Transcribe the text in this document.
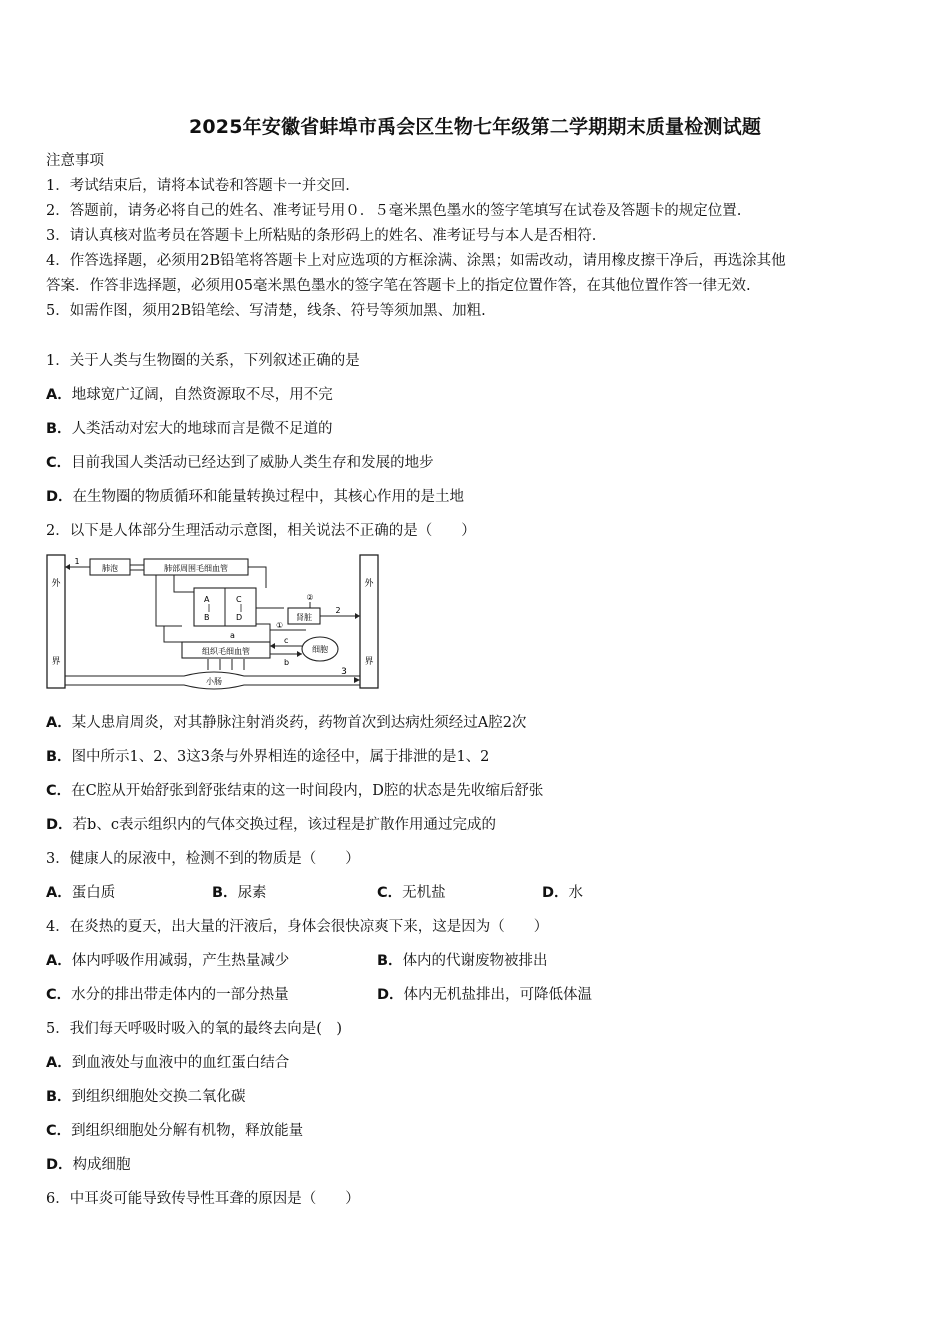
2025年安徽省蚌埠市禹会区生物七年级第二学期期末质量检测试题
注意事项
1．考试结束后，请将本试卷和答题卡一并交回.
2．答题前，请务必将自己的姓名、准考证号用０．５毫米黑色墨水的签字笔填写在试卷及答题卡的规定位置.
3．请认真核对监考员在答题卡上所粘贴的条形码上的姓名、准考证号与本人是否相符.
4．作答选择题，必须用2B铅笔将答题卡上对应选项的方框涂满、涂黑；如需改动，请用橡皮擦干净后，再选涂其他
答案．作答非选择题，必须用05毫米黑色墨水的签字笔在答题卡上的指定位置作答，在其他位置作答一律无效.
5．如需作图，须用2B铅笔绘、写清楚，线条、符号等须加黑、加粗.
1．关于人类与生物圈的关系，下列叙述正确的是
A．地球宽广辽阔，自然资源取不尽，用不完
B．人类活动对宏大的地球而言是微不足道的
C．目前我国人类活动已经达到了威胁人类生存和发展的地步
D．在生物圈的物质循环和能量转换过程中，其核心作用的是土地
2．以下是人体部分生理活动示意图，相关说法不正确的是（　　）
外
界
外
界
肺泡	肺部周围毛细血管
1
A
B
C
D	肾脏
②
2
组织毛细血管
①
细胞
c
b
a
小肠
3
A．某人患肩周炎，对其静脉注射消炎药，药物首次到达病灶须经过A腔2次
B．图中所示1、2、3这3条与外界相连的途径中，属于排泄的是1、2
C．在C腔从开始舒张到舒张结束的这一时间段内，D腔的状态是先收缩后舒张
D．若b、c表示组织内的气体交换过程，该过程是扩散作用通过完成的
3．健康人的尿液中，检测不到的物质是（　　）
A．蛋白质	B．尿素	C．无机盐	D．水
4．在炎热的夏天，出大量的汗液后，身体会很快凉爽下来，这是因为（　　）
A．体内呼吸作用减弱，产生热量减少	B．体内的代谢废物被排出
C．水分的排出带走体内的一部分热量	D．体内无机盐排出，可降低体温
5．我们每天呼吸时吸入的氧的最终去向是(　)
A．到血液处与血液中的血红蛋白结合
B．到组织细胞处交换二氧化碳
C．到组织细胞处分解有机物，释放能量
D．构成细胞
6．中耳炎可能导致传导性耳聋的原因是（　　）
